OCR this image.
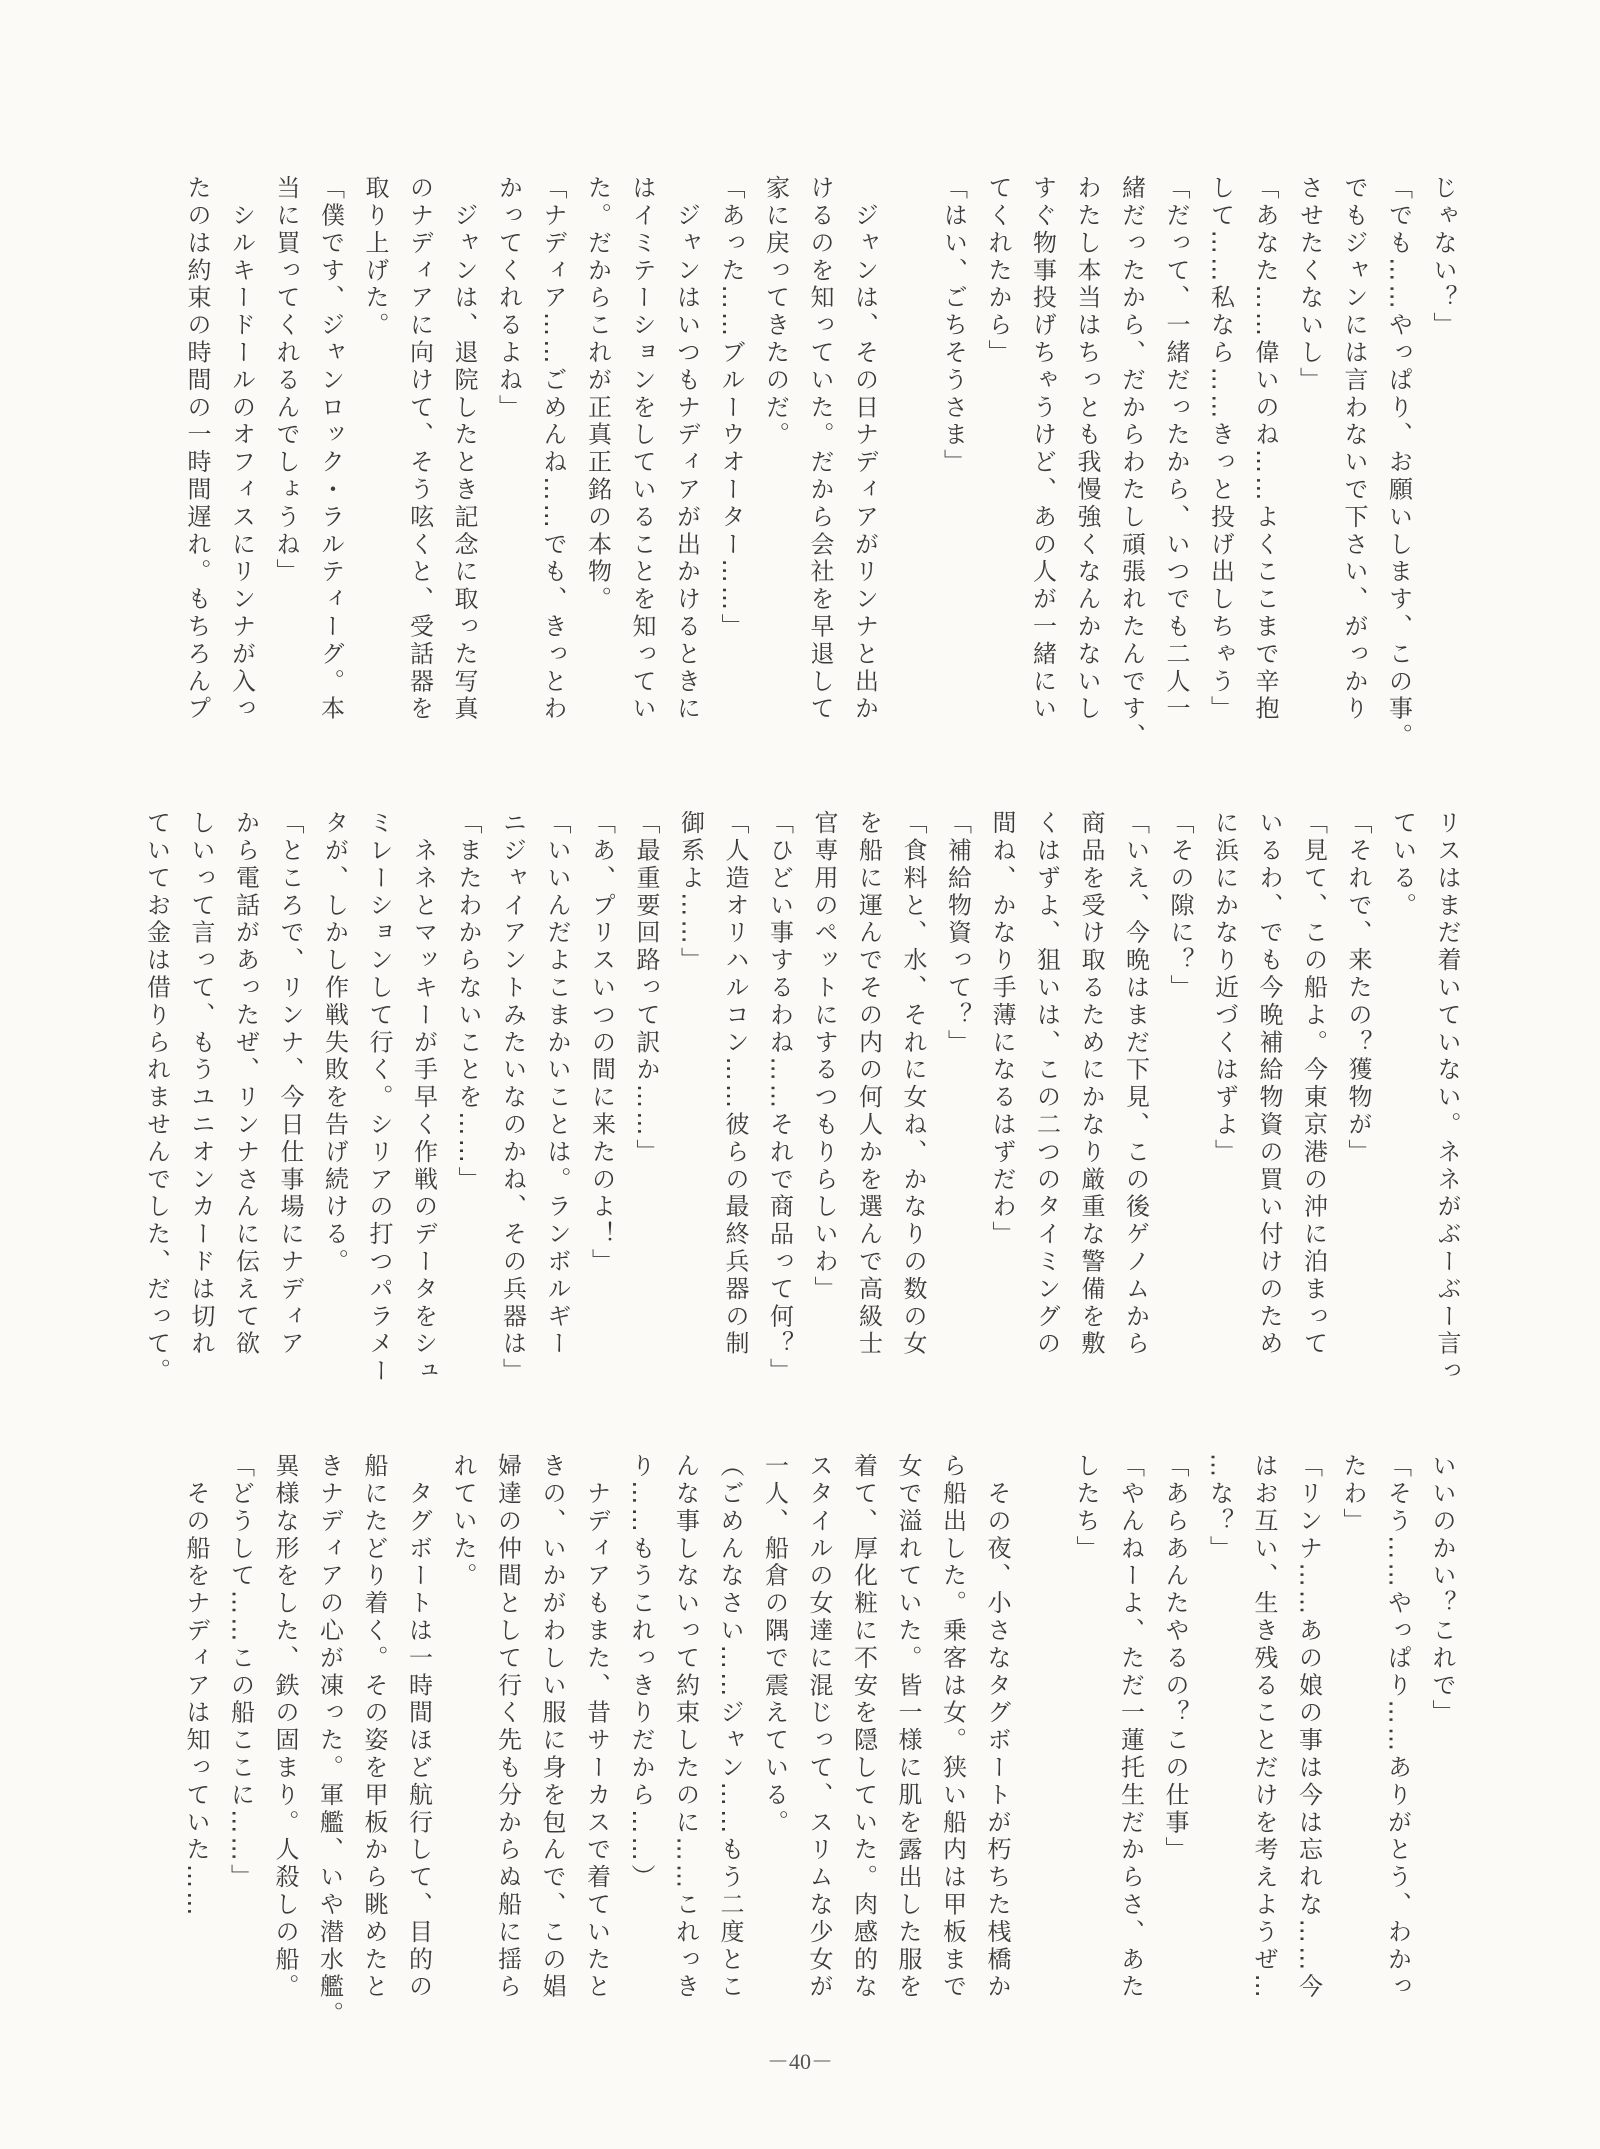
じゃない？」
「でも……やっぱり、お願いします、この事。
でもジャンには言わないで下さい、がっかり
させたくないし」
「あなた……偉いのね……よくここまで辛抱
して……私なら……きっと投げ出しちゃう」
「だって、一緒だったから、いつでも二人一
緒だったから、だからわたし頑張れたんです、
わたし本当はちっとも我慢強くなんかないし
すぐ物事投げちゃうけど、あの人が一緒にい
てくれたから」
「はい、ごちそうさま」
　ジャンは、その日ナディアがリンナと出か
けるのを知っていた。だから会社を早退して
家に戻ってきたのだ。
「あった……ブルーウオーター……」
　ジャンはいつもナディアが出かけるときに
はイミテーションをしていることを知ってい
た。だからこれが正真正銘の本物。
「ナディア……ごめんね……でも、きっとわ
かってくれるよね」
　ジャンは、退院したとき記念に取った写真
のナディアに向けて、そう呟くと、受話器を
取り上げた。
「僕です、ジャンロック・ラルティーグ。本
当に買ってくれるんでしょうね」
　シルキードールのオフィスにリンナが入っ
たのは約束の時間の一時間遅れ。もちろんプ
リスはまだ着いていない。ネネがぶーぶー言っ
ている。
「それで、来たの？獲物が」
「見て、この船よ。今東京港の沖に泊まって
いるわ、でも今晩補給物資の買い付けのため
に浜にかなり近づくはずよ」
「その隙に？」
「いえ、今晩はまだ下見、この後ゲノムから
商品を受け取るためにかなり厳重な警備を敷
くはずよ、狙いは、この二つのタイミングの
間ね、かなり手薄になるはずだわ」
「補給物資って？」
「食料と、水、それに女ね、かなりの数の女
を船に運んでその内の何人かを選んで高級士
官専用のペットにするつもりらしいわ」
「ひどい事するわね……それで商品って何？」
「人造オリハルコン……彼らの最終兵器の制
御系よ……」
「最重要回路って訳か……」
「あ、プリスいつの間に来たのよ！」
「いいんだよこまかいことは。ランボルギー
ニジャイアントみたいなのかね、その兵器は」
「またわからないことを……」
　ネネとマッキーが手早く作戦のデータをシュ
ミレーションして行く。シリアの打つパラメー
タが、しかし作戦失敗を告げ続ける。
「ところで、リンナ、今日仕事場にナディア
から電話があったぜ、リンナさんに伝えて欲
しいって言って、もうユニオンカードは切れ
ていてお金は借りられませんでした、だって。
いいのかい？これで」
「そう……やっぱり……ありがとう、わかっ
たわ」
「リンナ……あの娘の事は今は忘れな……今
はお互い、生き残ることだけを考えようぜ…
…な？」
「あらあんたやるの？この仕事」
「やんねーよ、ただ一蓮托生だからさ、あた
したち」
　その夜、小さなタグボートが朽ちた桟橋か
ら船出した。乗客は女。狭い船内は甲板まで
女で溢れていた。皆一様に肌を露出した服を
着て、厚化粧に不安を隠していた。肉感的な
スタイルの女達に混じって、スリムな少女が
一人、船倉の隅で震えている。
（ごめんなさい……ジャン……もう二度とこ
んな事しないって約束したのに……これっき
り……もうこれっきりだから……）
　ナディアもまた、昔サーカスで着ていたと
きの、いかがわしい服に身を包んで、この娼
婦達の仲間として行く先も分からぬ船に揺ら
れていた。
　タグボートは一時間ほど航行して、目的の
船にたどり着く。その姿を甲板から眺めたと
きナディアの心が凍った。軍艦、いや潜水艦。
異様な形をした、鉄の固まり。人殺しの船。
「どうして……この船ここに……」
　その船をナディアは知っていた……
－40－
